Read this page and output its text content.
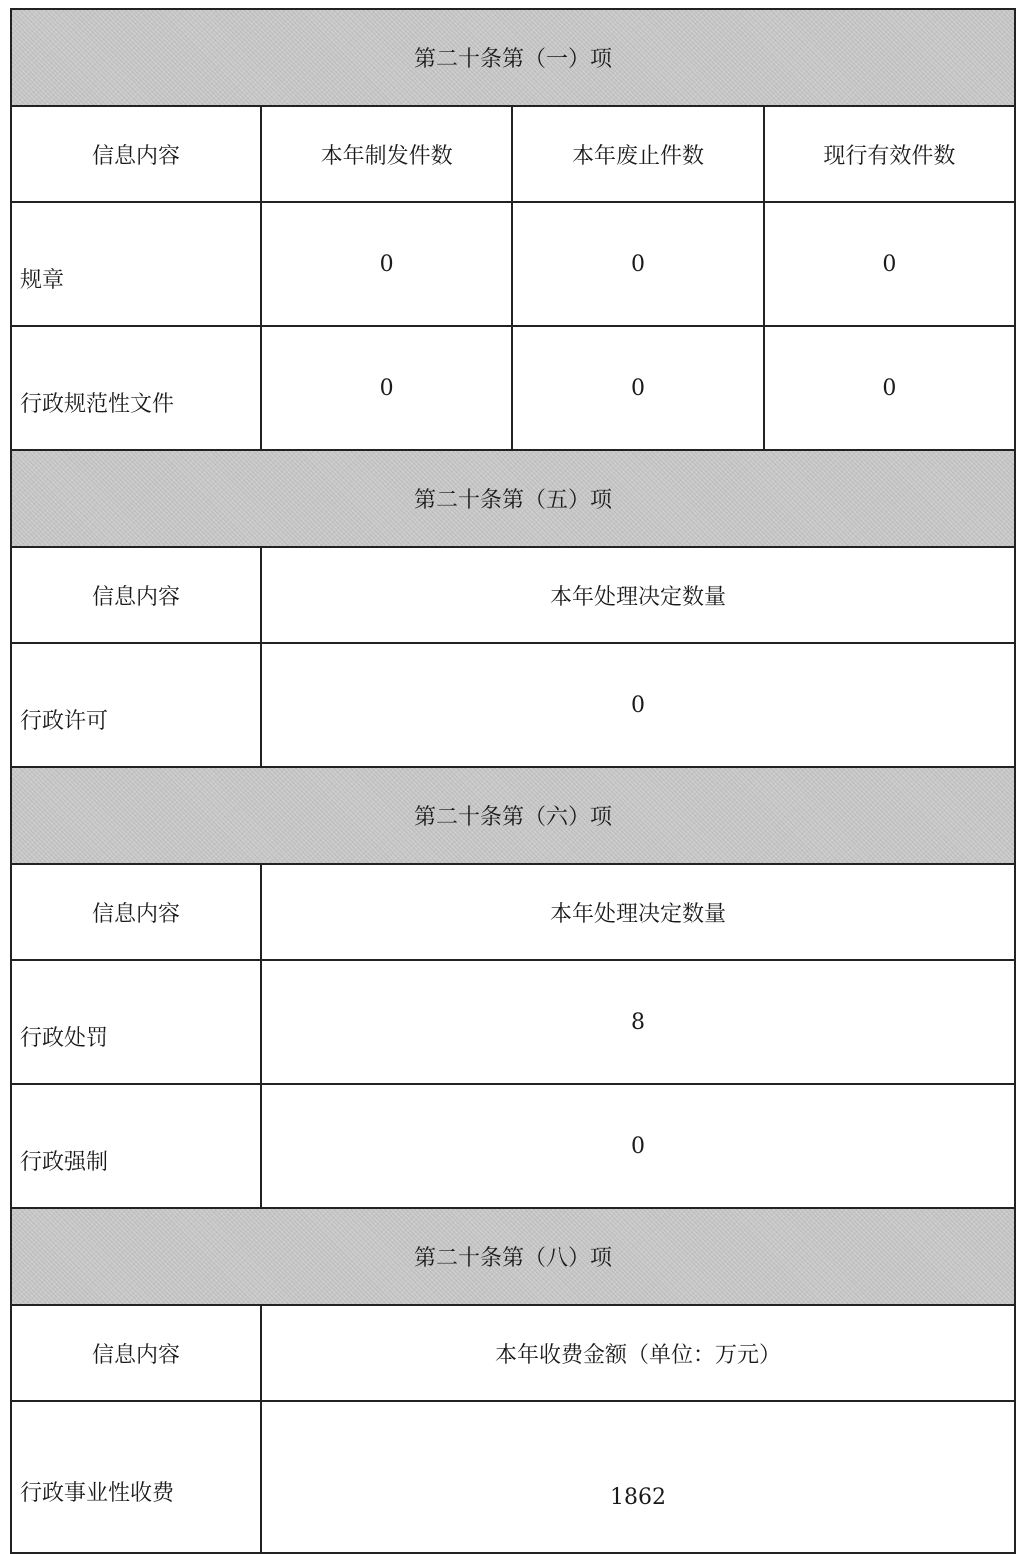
第二十条第（一）项			
信息内容	本年制发件数	本年废止件数	现行有效件数
规章	0	0	0
行政规范性文件	0	0	0
第二十条第（五）项			
信息内容	本年处理决定数量		
行政许可	0		
第二十条第（六）项			
信息内容	本年处理决定数量		
行政处罚	8		
行政强制	0		
第二十条第（八）项			
信息内容	本年收费金额（单位：万元）		
行政事业性收费	1862		
